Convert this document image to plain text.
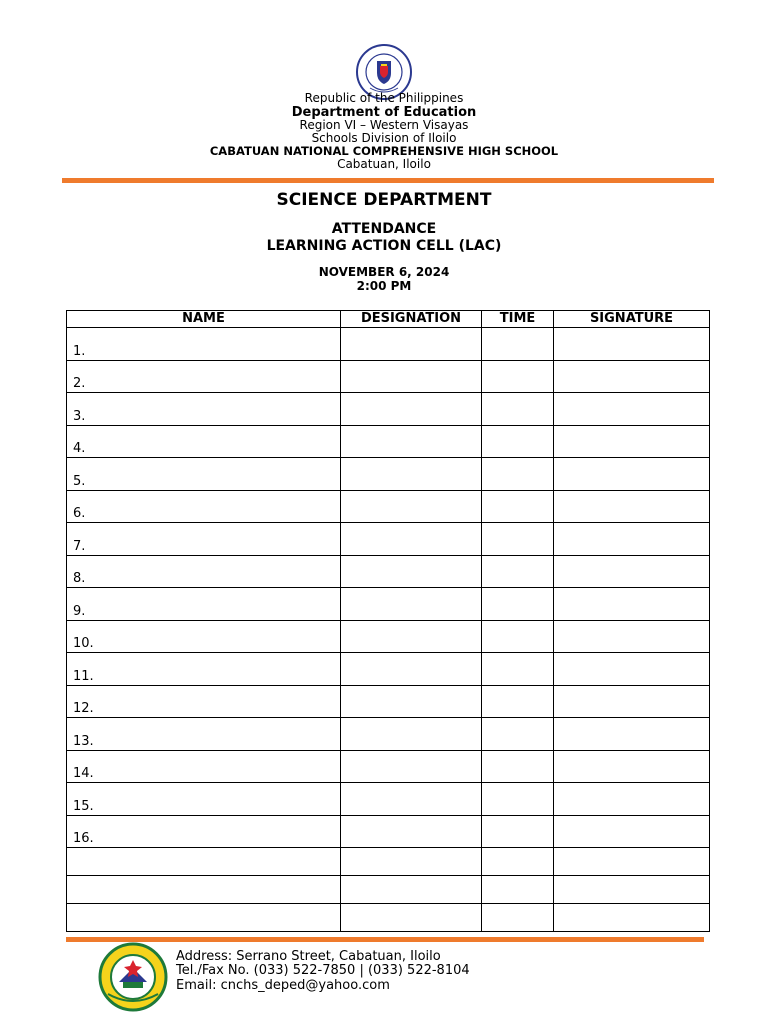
Republic of the Philippines
Department of Education
Region VI – Western Visayas
Schools Division of Iloilo
CABATUAN NATIONAL COMPREHENSIVE HIGH SCHOOL
Cabatuan, Iloilo
SCIENCE DEPARTMENT
ATTENDANCE
LEARNING ACTION CELL (LAC)
NOVEMBER 6, 2024
2:00 PM
NAME	DESIGNATION	TIME	SIGNATURE
1.			
2.			
3.			
4.			
5.			
6.			
7.			
8.			
9.			
10.			
11.			
12.			
13.			
14.			
15.			
16.			

Address: Serrano Street, Cabatuan, Iloilo
Tel./Fax No. (033) 522-7850 | (033) 522-8104
Email: cnchs_deped@yahoo.com
